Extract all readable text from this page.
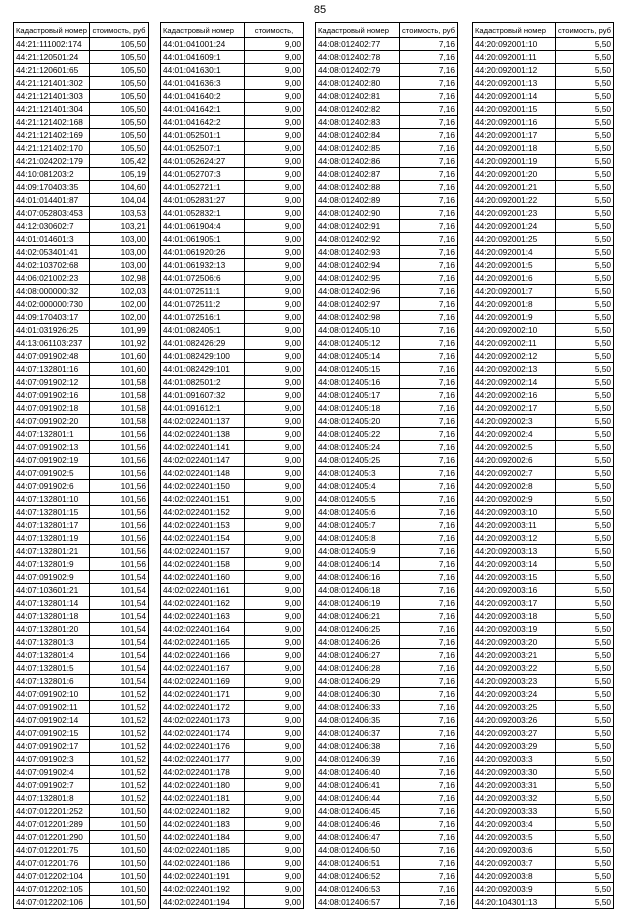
85
Кадастровый номер	стоимость, руб
44:21:111002:174	105,50
44:21:120501:24	105,50
44:21:120601:65	105,50
44:21:121401:302	105,50
44:21:121401:303	105,50
44:21:121401:304	105,50
44:21:121402:168	105,50
44:21:121402:169	105,50
44:21:121402:170	105,50
44:21:024202:179	105,42
44:10:081203:2	105,19
44:09:170403:35	104,60
44:01:014401:87	104,04
44:07:052803:453	103,53
44:12:030602:7	103,21
44:01:014601:3	103,00
44:02:053401:41	103,00
44:02:103702:68	103,00
44:06:021002:23	102,98
44:08:000000:32	102,03
44:02:000000:730	102,00
44:09:170403:17	102,00
44:01:031926:25	101,99
44:13:061103:237	101,92
44:07:091902:48	101,60
44:07:132801:16	101,60
44:07:091902:12	101,58
44:07:091902:16	101,58
44:07:091902:18	101,58
44:07:091902:20	101,58
44:07:132801:1	101,56
44:07:091902:13	101,56
44:07:091902:19	101,56
44:07:091902:5	101,56
44:07:091902:6	101,56
44:07:132801:10	101,56
44:07:132801:15	101,56
44:07:132801:17	101,56
44:07:132801:19	101,56
44:07:132801:21	101,56
44:07:132801:9	101,56
44:07:091902:9	101,54
44:07:103601:21	101,54
44:07:132801:14	101,54
44:07:132801:18	101,54
44:07:132801:20	101,54
44:07:132801:3	101,54
44:07:132801:4	101,54
44:07:132801:5	101,54
44:07:132801:6	101,54
44:07:091902:10	101,52
44:07:091902:11	101,52
44:07:091902:14	101,52
44:07:091902:15	101,52
44:07:091902:17	101,52
44:07:091902:3	101,52
44:07:091902:4	101,52
44:07:091902:7	101,52
44:07:132801:8	101,52
44:07:012201:252	101,50
44:07:012201:289	101,50
44:07:012201:290	101,50
44:07:012201:75	101,50
44:07:012201:76	101,50
44:07:012202:104	101,50
44:07:012202:105	101,50
44:07:012202:106	101,50
Кадастровый номер	стоимость,
44:01:041001:24	9,00
44:01:041609:1	9,00
44:01:041630:1	9,00
44:01:041636:3	9,00
44:01:041640:2	9,00
44:01:041642:1	9,00
44:01:041642:2	9,00
44:01:052501:1	9,00
44:01:052507:1	9,00
44:01:052624:27	9,00
44:01:052707:3	9,00
44:01:052721:1	9,00
44:01:052831:27	9,00
44:01:052832:1	9,00
44:01:061904:4	9,00
44:01:061905:1	9,00
44:01:061920:26	9,00
44:01:061932:13	9,00
44:01:072506:6	9,00
44:01:072511:1	9,00
44:01:072511:2	9,00
44:01:072516:1	9,00
44:01:082405:1	9,00
44:01:082426:29	9,00
44:01:082429:100	9,00
44:01:082429:101	9,00
44:01:082501:2	9,00
44:01:091607:32	9,00
44:01:091612:1	9,00
44:02:022401:137	9,00
44:02:022401:138	9,00
44:02:022401:141	9,00
44:02:022401:147	9,00
44:02:022401:148	9,00
44:02:022401:150	9,00
44:02:022401:151	9,00
44:02:022401:152	9,00
44:02:022401:153	9,00
44:02:022401:154	9,00
44:02:022401:157	9,00
44:02:022401:158	9,00
44:02:022401:160	9,00
44:02:022401:161	9,00
44:02:022401:162	9,00
44:02:022401:163	9,00
44:02:022401:164	9,00
44:02:022401:165	9,00
44:02:022401:166	9,00
44:02:022401:167	9,00
44:02:022401:169	9,00
44:02:022401:171	9,00
44:02:022401:172	9,00
44:02:022401:173	9,00
44:02:022401:174	9,00
44:02:022401:176	9,00
44:02:022401:177	9,00
44:02:022401:178	9,00
44:02:022401:180	9,00
44:02:022401:181	9,00
44:02:022401:182	9,00
44:02:022401:183	9,00
44:02:022401:184	9,00
44:02:022401:185	9,00
44:02:022401:186	9,00
44:02:022401:191	9,00
44:02:022401:192	9,00
44:02:022401:194	9,00
Кадастровый номер	стоимость, руб
44:08:012402:77	7,16
44:08:012402:78	7,16
44:08:012402:79	7,16
44:08:012402:80	7,16
44:08:012402:81	7,16
44:08:012402:82	7,16
44:08:012402:83	7,16
44:08:012402:84	7,16
44:08:012402:85	7,16
44:08:012402:86	7,16
44:08:012402:87	7,16
44:08:012402:88	7,16
44:08:012402:89	7,16
44:08:012402:90	7,16
44:08:012402:91	7,16
44:08:012402:92	7,16
44:08:012402:93	7,16
44:08:012402:94	7,16
44:08:012402:95	7,16
44:08:012402:96	7,16
44:08:012402:97	7,16
44:08:012402:98	7,16
44:08:012405:10	7,16
44:08:012405:12	7,16
44:08:012405:14	7,16
44:08:012405:15	7,16
44:08:012405:16	7,16
44:08:012405:17	7,16
44:08:012405:18	7,16
44:08:012405:20	7,16
44:08:012405:22	7,16
44:08:012405:24	7,16
44:08:012405:25	7,16
44:08:012405:3	7,16
44:08:012405:4	7,16
44:08:012405:5	7,16
44:08:012405:6	7,16
44:08:012405:7	7,16
44:08:012405:8	7,16
44:08:012405:9	7,16
44:08:012406:14	7,16
44:08:012406:16	7,16
44:08:012406:18	7,16
44:08:012406:19	7,16
44:08:012406:21	7,16
44:08:012406:25	7,16
44:08:012406:26	7,16
44:08:012406:27	7,16
44:08:012406:28	7,16
44:08:012406:29	7,16
44:08:012406:30	7,16
44:08:012406:33	7,16
44:08:012406:35	7,16
44:08:012406:37	7,16
44:08:012406:38	7,16
44:08:012406:39	7,16
44:08:012406:40	7,16
44:08:012406:41	7,16
44:08:012406:44	7,16
44:08:012406:45	7,16
44:08:012406:46	7,16
44:08:012406:47	7,16
44:08:012406:50	7,16
44:08:012406:51	7,16
44:08:012406:52	7,16
44:08:012406:53	7,16
44:08:012406:57	7,16
Кадастровый номер	стоимость, руб
44:20:092001:10	5,50
44:20:092001:11	5,50
44:20:092001:12	5,50
44:20:092001:13	5,50
44:20:092001:14	5,50
44:20:092001:15	5,50
44:20:092001:16	5,50
44:20:092001:17	5,50
44:20:092001:18	5,50
44:20:092001:19	5,50
44:20:092001:20	5,50
44:20:092001:21	5,50
44:20:092001:22	5,50
44:20:092001:23	5,50
44:20:092001:24	5,50
44:20:092001:25	5,50
44:20:092001:4	5,50
44:20:092001:5	5,50
44:20:092001:6	5,50
44:20:092001:7	5,50
44:20:092001:8	5,50
44:20:092001:9	5,50
44:20:092002:10	5,50
44:20:092002:11	5,50
44:20:092002:12	5,50
44:20:092002:13	5,50
44:20:092002:14	5,50
44:20:092002:16	5,50
44:20:092002:17	5,50
44:20:092002:3	5,50
44:20:092002:4	5,50
44:20:092002:5	5,50
44:20:092002:6	5,50
44:20:092002:7	5,50
44:20:092002:8	5,50
44:20:092002:9	5,50
44:20:092003:10	5,50
44:20:092003:11	5,50
44:20:092003:12	5,50
44:20:092003:13	5,50
44:20:092003:14	5,50
44:20:092003:15	5,50
44:20:092003:16	5,50
44:20:092003:17	5,50
44:20:092003:18	5,50
44:20:092003:19	5,50
44:20:092003:20	5,50
44:20:092003:21	5,50
44:20:092003:22	5,50
44:20:092003:23	5,50
44:20:092003:24	5,50
44:20:092003:25	5,50
44:20:092003:26	5,50
44:20:092003:27	5,50
44:20:092003:29	5,50
44:20:092003:3	5,50
44:20:092003:30	5,50
44:20:092003:31	5,50
44:20:092003:32	5,50
44:20:092003:33	5,50
44:20:092003:4	5,50
44:20:092003:5	5,50
44:20:092003:6	5,50
44:20:092003:7	5,50
44:20:092003:8	5,50
44:20:092003:9	5,50
44:20:104301:13	5,50
